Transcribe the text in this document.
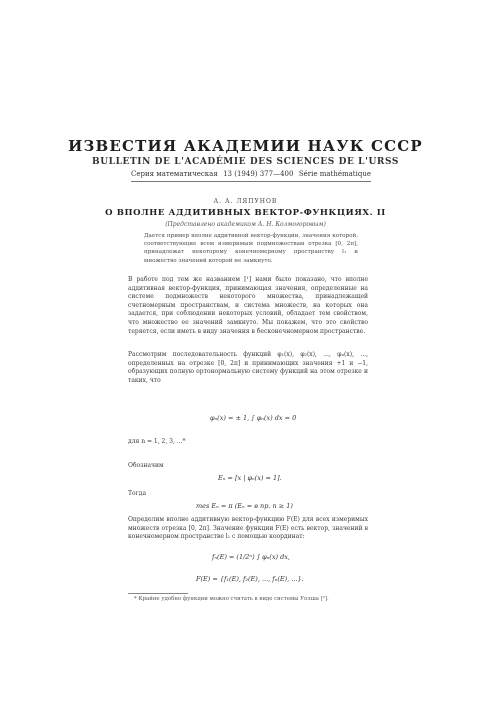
ИЗВЕСТИЯ АКАДЕМИИ НАУК СССР
BULLETIN DE L'ACADÉMIE DES SCIENCES DE L'URSS
Серия математическая 13 (1949) 377—400 Série mathématique
А. А. ЛЯПУНОВ
О ВПОЛНЕ АДДИТИВНЫХ ВЕКТОР-ФУНКЦИЯХ. II
(Представлено академиком А. Н. Колмогоровым)

Дается пример вполне аддитивной вектор-функции, значения которой, соответствующие всем измеримым подмножествам отрезка [0, 2π], принадлежат некоторому конечномерному пространству l₁ и множество значений которой не замкнуто.

В работе под тем же названием [¹] нами было показано, что вполне аддитивная вектор-функция, принимающая значения, определенные на системе подмножеств некоторого множества, принадлежащей счетномерным пространствам, и система множеств, на которых она задается, при соблюдении некоторых условий, обладает тем свойством, что множество ее значений замкнуто. Мы покажем, что это свойство теряется, если иметь в виду значения в бесконечномерном пространстве.

Рассмотрим последовательность функций φ₁(x), φ₂(x), ..., φₙ(x), ..., определенных на отрезке [0, 2π] и принимающих значения +1 и −1, образующих полную ортонормальную систему функций на этом отрезке и таких, что

φₙ(x) = ± 1, ∫ φₙ(x) dx = 0

для n = 1, 2, 3, ...*

Обозначим

Eₙ = [x | φₙ(x) = 1].

Тогда

mes Eₙ = π (Eₙ = в пр. n ≥ 1)

Определим вполне аддитивную вектор-функцию F(E) для всех измеримых множеств отрезка [0, 2π]. Значение функции F(E) есть вектор, значений в конечномерном пространстве l₁ с помощью координат:

fₙ(E) = (1/2ⁿ) ∫ φₙ(x) dx,
F(E) = {f₁(E), f₂(E), ..., fₙ(E), ...}.
* Крайне удобно функции можно считать в виде системы Уолша [²].
